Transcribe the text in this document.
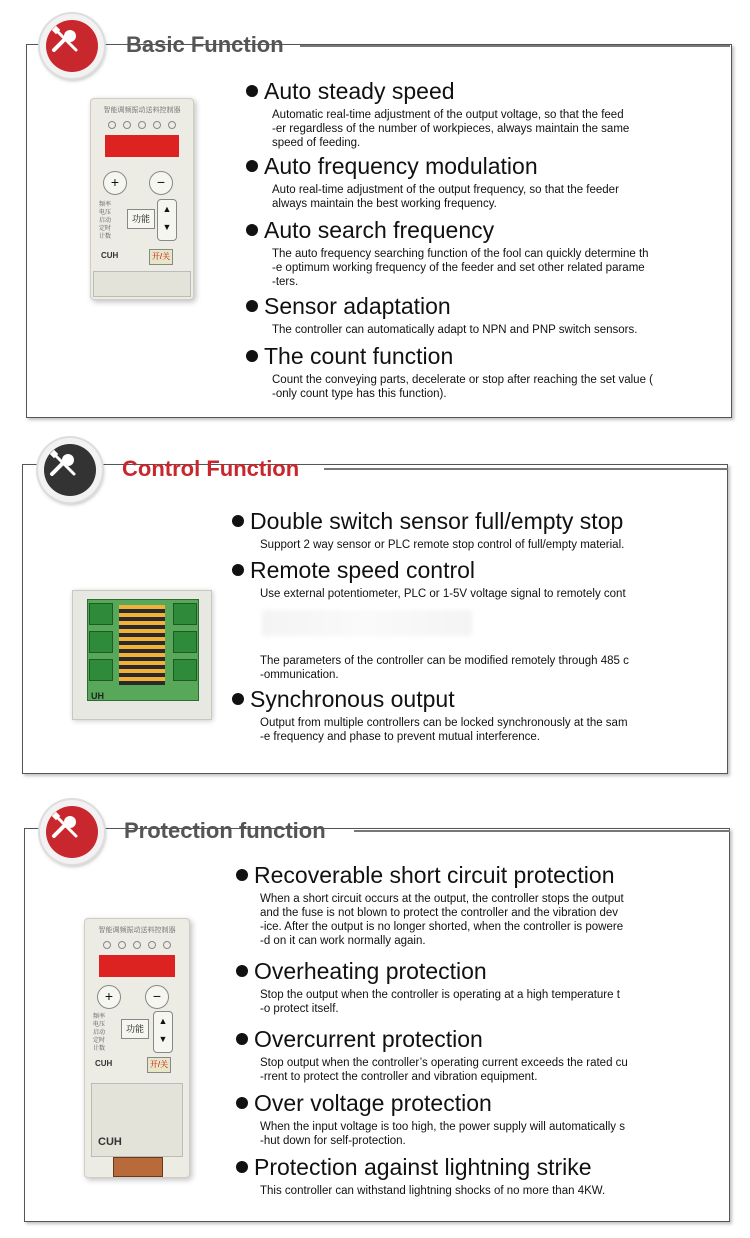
Basic Function
智能调频振动送料控制器
+	−
频率
电压
启动
定时
计数
功能
▲
▼
CUH	开/关
Auto steady speed

Automatic real-time adjustment of the output voltage, so that the feed
-er regardless of the number of workpieces, always maintain the same
speed of feeding.

Auto frequency modulation

Auto real-time adjustment of the output frequency, so that the feeder
always maintain the best working frequency.

Auto search frequency

The auto frequency searching function of the fool can quickly determine th
-e optimum working frequency of the feeder and set other related parame
-ters.

Sensor adaptation

The controller can automatically adapt to NPN and PNP switch sensors.

The count function

Count the conveying parts, decelerate or stop after reaching the set value (
-only count type has this function).

Control Function
UH
Double switch sensor full/empty stop

Support 2 way sensor or PLC remote stop control of full/empty material.

Remote speed control

Use external potentiometer, PLC or 1-5V voltage signal to remotely cont

The parameters of the controller can be modified remotely through 485 c
-ommunication.

Synchronous output

Output from multiple controllers can be locked synchronously at the sam
-e frequency and phase to prevent mutual interference.

Protection function
智能调频振动送料控制器
+	−
频率
电压
启动
定时
计数
功能
▲
▼
CUH	开/关
CUH
Recoverable short circuit protection

When a short circuit occurs at the output, the controller stops the output
and the fuse is not blown to protect the controller and the vibration dev
-ice. After the output is no longer shorted, when the controller is powere
-d on it can work normally again.

Overheating protection

Stop the output when the controller is operating at a high temperature t
-o protect itself.

Overcurrent protection

Stop output when the controller’s operating current exceeds the rated cu
-rrent to protect the controller and vibration equipment.

Over voltage protection

When the input voltage is too high, the power supply will automatically s
-hut down for self-protection.

Protection against lightning strike

This controller can withstand lightning shocks of no more than 4KW.
